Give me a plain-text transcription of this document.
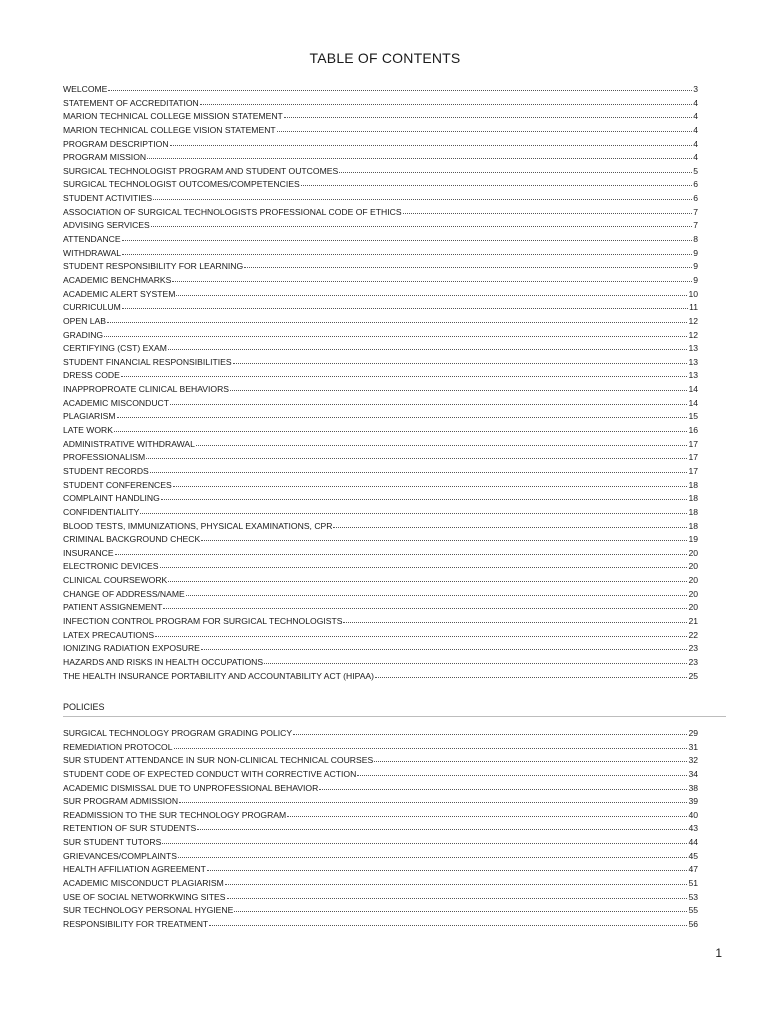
TABLE OF CONTENTS
WELCOME	3
STATEMENT OF ACCREDITATION	4
MARION TECHNICAL COLLEGE MISSION STATEMENT	4
MARION TECHNICAL COLLEGE VISION STATEMENT	4
PROGRAM DESCRIPTION	4
PROGRAM MISSION	4
SURGICAL TECHNOLOGIST PROGRAM AND STUDENT OUTCOMES	5
SURGICAL TECHNOLOGIST OUTCOMES/COMPETENCIES	6
STUDENT ACTIVITIES	6
ASSOCIATION OF SURGICAL TECHNOLOGISTS PROFESSIONAL CODE OF ETHICS	7
ADVISING SERVICES	7
ATTENDANCE	8
WITHDRAWAL	9
STUDENT RESPONSIBILITY FOR LEARNING	9
ACADEMIC BENCHMARKS	9
ACADEMIC ALERT SYSTEM	10
CURRICULUM	11
OPEN LAB	12
GRADING	12
CERTIFYING (CST) EXAM	13
STUDENT FINANCIAL RESPONSIBILITIES	13
DRESS CODE	13
INAPPROPROATE CLINICAL BEHAVIORS	14
ACADEMIC MISCONDUCT	14
PLAGIARISM	15
LATE WORK	16
ADMINISTRATIVE WITHDRAWAL	17
PROFESSIONALISM	17
STUDENT RECORDS	17
STUDENT CONFERENCES	18
COMPLAINT HANDLING	18
CONFIDENTIALITY	18
BLOOD TESTS, IMMUNIZATIONS, PHYSICAL EXAMINATIONS, CPR	18
CRIMINAL BACKGROUND CHECK	19
INSURANCE	20
ELECTRONIC DEVICES	20
CLINICAL COURSEWORK	20
CHANGE OF ADDRESS/NAME	20
PATIENT ASSIGNEMENT	20
INFECTION CONTROL PROGRAM FOR SURGICAL TECHNOLOGISTS	21
LATEX PRECAUTIONS	22
IONIZING RADIATION EXPOSURE	23
HAZARDS AND RISKS IN HEALTH OCCUPATIONS	23
THE HEALTH INSURANCE PORTABILITY AND ACCOUNTABILITY ACT (HIPAA)	25
POLICIES
SURGICAL TECHNOLOGY PROGRAM GRADING POLICY	29
REMEDIATION PROTOCOL	31
SUR STUDENT ATTENDANCE IN SUR NON-CLINICAL TECHNICAL COURSES	32
STUDENT CODE OF EXPECTED CONDUCT WITH CORRECTIVE ACTION	34
ACADEMIC DISMISSAL DUE TO UNPROFESSIONAL BEHAVIOR	38
SUR PROGRAM ADMISSION	39
READMISSION TO THE SUR TECHNOLOGY PROGRAM	40
RETENTION OF SUR STUDENTS	43
SUR STUDENT TUTORS	44
GRIEVANCES/COMPLAINTS	45
HEALTH AFFILIATION AGREEMENT	47
ACADEMIC MISCONDUCT PLAGIARISM	51
USE OF SOCIAL NETWORKWING SITES	53
SUR TECHNOLOGY PERSONAL HYGIENE	55
RESPONSIBILITY FOR TREATMENT	56
1
